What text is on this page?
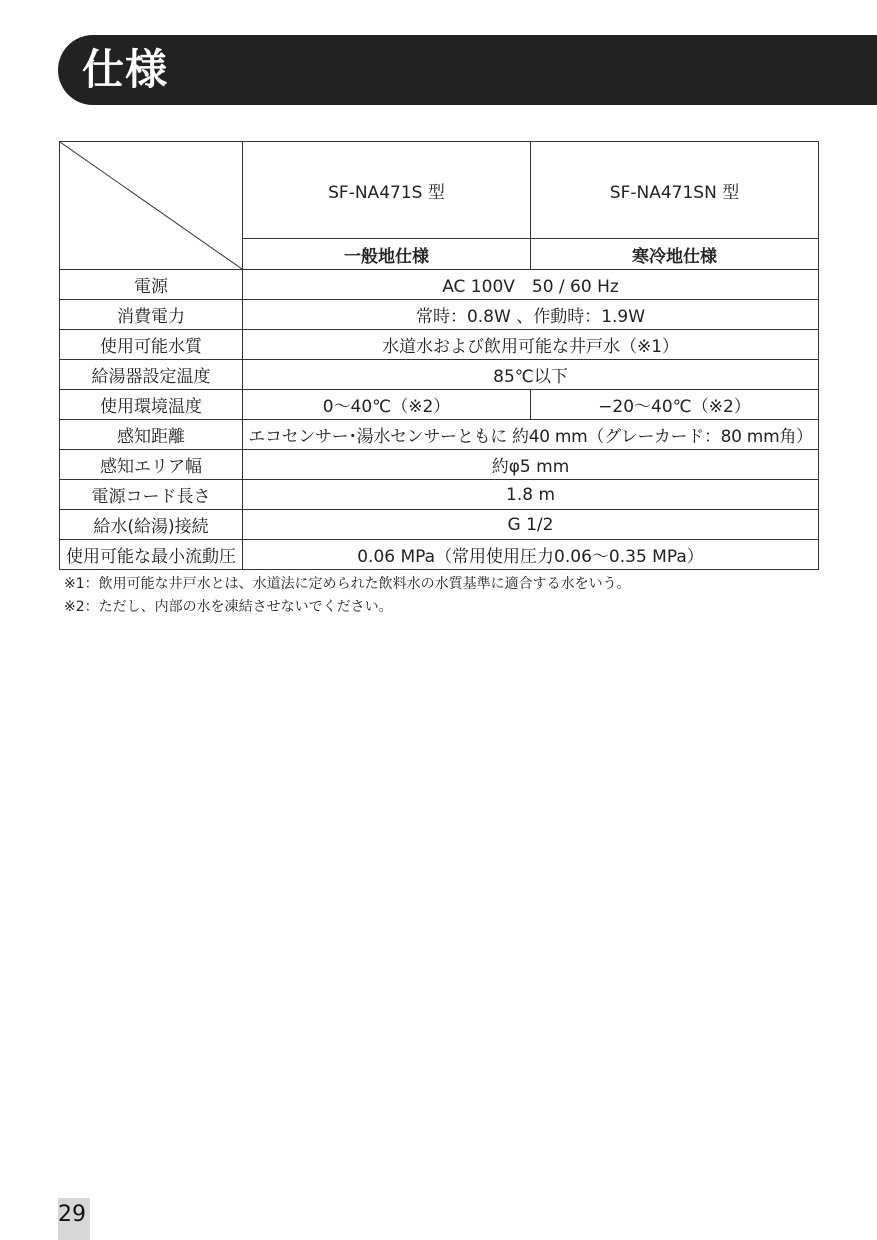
仕様
	SF-NA471S 型	SF-NA471SN 型
	一般地仕様	寒冷地仕様
電源	AC 100V　50 / 60 Hz	
消費電力	常時：0.8W 、作動時：1.9W	
使用可能水質	水道水および飲用可能な井戸水（※1）	
給湯器設定温度	85℃以下	
使用環境温度	0〜40℃（※2）	−20〜40℃（※2）
感知距離	エコセンサー･湯水センサーともに 約40 mm（グレーカード：80 mm角）	
感知エリア幅	約φ5 mm	
電源コード長さ	1.8 m	
給水(給湯)接続	G 1/2	
使用可能な最小流動圧	0.06 MPa（常用使用圧力0.06〜0.35 MPa）	
※1：飲用可能な井戸水とは、水道法に定められた飲料水の水質基準に適合する水をいう。
※2：ただし、内部の水を凍結させないでください。
29
